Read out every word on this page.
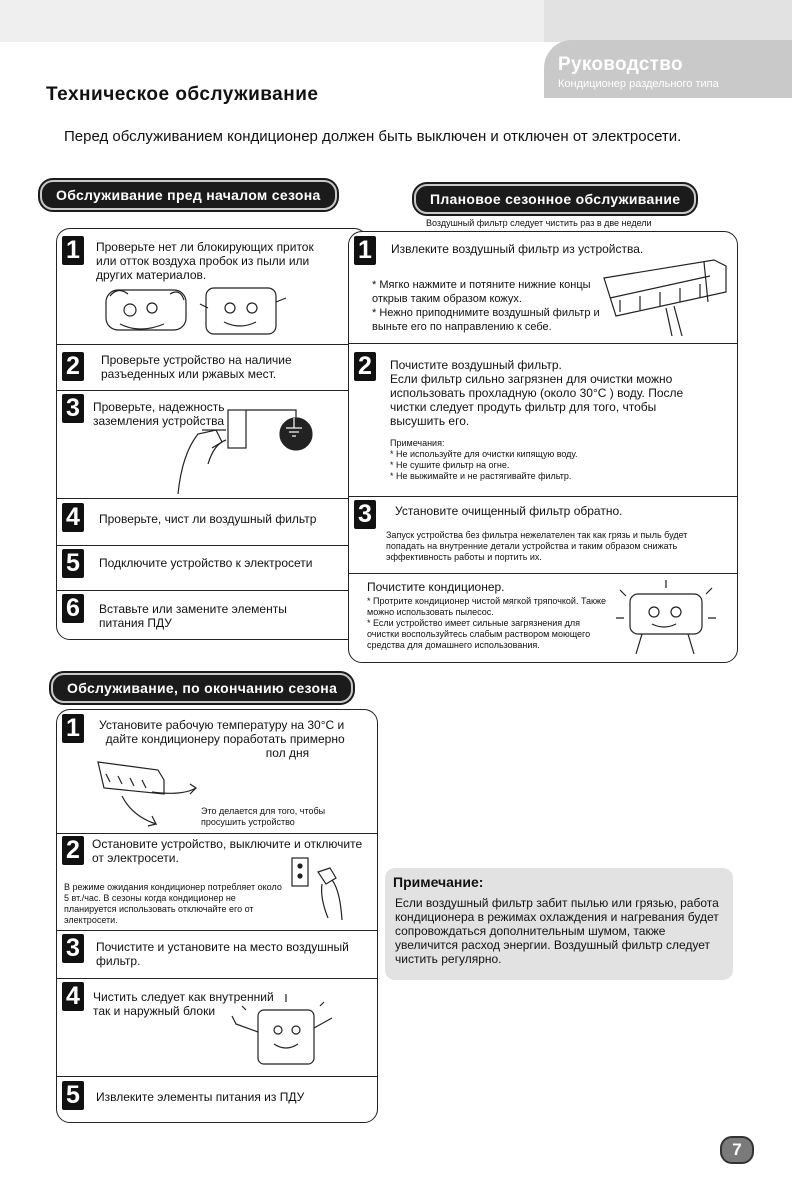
Руководство
Кондиционер раздельного типа
Техническое обслуживание
Перед обслуживанием кондиционер должен быть выключен и отключен от электросети.
Обслуживание пред началом сезона
1	Проверьте нет ли блокирующих приток или отток воздуха пробок из пыли или других материалов.
2	Проверьте устройство на наличие разъеденных или ржавых мест.
3	Проверьте, надежность заземления устройства
4	Проверьте, чист ли воздушный фильтр
5	Подключите устройство к электросети
6	Вставьте или замените элементы питания ПДУ
Плановое сезонное обслуживание
Воздушный фильтр следует чистить раз в две недели
1	Извлеките воздушный фильтр из устройства.
* Мягко нажмите и потяните нижние концы открыв таким образом кожух.
* Нежно приподнимите воздушный фильтр и выньте его по направлению к себе.
2	Почистите воздушный фильтр.
Если фильтр сильно загрязнен для очистки можно использовать прохладную (около 30°С ) воду. После чистки следует продуть фильтр для того, чтобы высушить его.
Примечания:
* Не используйте для очистки кипящую воду.
* Не сушите фильтр на огне.
* Не выжимайте и не растягивайте фильтр.
3	Установите очищенный фильтр обратно.
Запуск устройства без фильтра нежелателен так как грязь и пыль будет попадать на внутренние детали устройства и таким образом снижать эффективность работы и портить их.
Почистите кондиционер.
* Протрите кондиционер чистой мягкой тряпочкой. Также можно использовать пылесос.
* Если устройство имеет сильные загрязнения для очистки воспользуйтесь слабым раствором моющего средства для домашнего использования.
Обслуживание, по окончанию сезона
1	Установите рабочую температуру на 30°С и
дайте кондиционеру поработать примерно
пол дня
Это делается для того, чтобы
просушить устройство
2	Остановите устройство, выключите и отключите от электросети.
В режиме ожидания кондиционер потребляет около 5 вт./час. В сезоны когда кондиционер не планируется использовать отключайте его от электросети.
3	Почистите и установите на место воздушный фильтр.
4	Чистить следует как внутренний
так и наружный блоки
5	Извлеките элементы питания из ПДУ
Примечание:
Если воздушный фильтр забит пылью или грязью, работа кондиционера в режимах охлаждения и нагревания будет сопровождаться дополнительным шумом, также увеличится расход энергии. Воздушный фильтр следует чистить регулярно.
7
